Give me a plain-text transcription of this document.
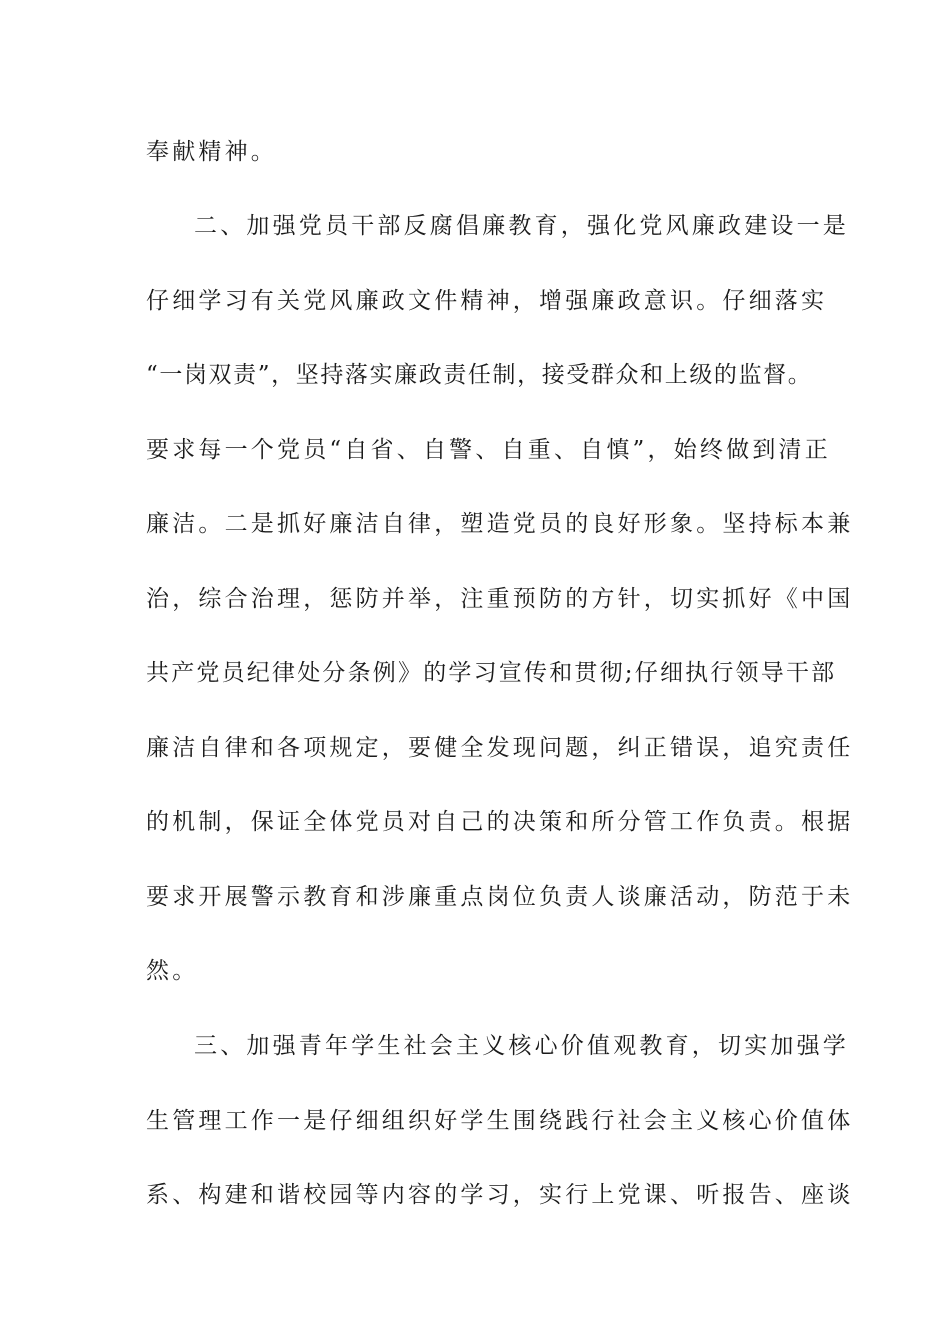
奉献精神。
二、加强党员干部反腐倡廉教育，强化党风廉政建设一是
仔细学习有关党风廉政文件精神，增强廉政意识。仔细落实
“一岗双责”，坚持落实廉政责任制，接受群众和上级的监督。
要求每一个党员“自省、自警、自重、自慎”，始终做到清正
廉洁。二是抓好廉洁自律，塑造党员的良好形象。坚持标本兼
治，综合治理，惩防并举，注重预防的方针，切实抓好《中国
共产党员纪律处分条例》的学习宣传和贯彻;仔细执行领导干部
廉洁自律和各项规定，要健全发现问题，纠正错误，追究责任
的机制，保证全体党员对自己的决策和所分管工作负责。根据
要求开展警示教育和涉廉重点岗位负责人谈廉活动，防范于未
然。
三、加强青年学生社会主义核心价值观教育，切实加强学
生管理工作一是仔细组织好学生围绕践行社会主义核心价值体
系、构建和谐校园等内容的学习，实行上党课、听报告、座谈
